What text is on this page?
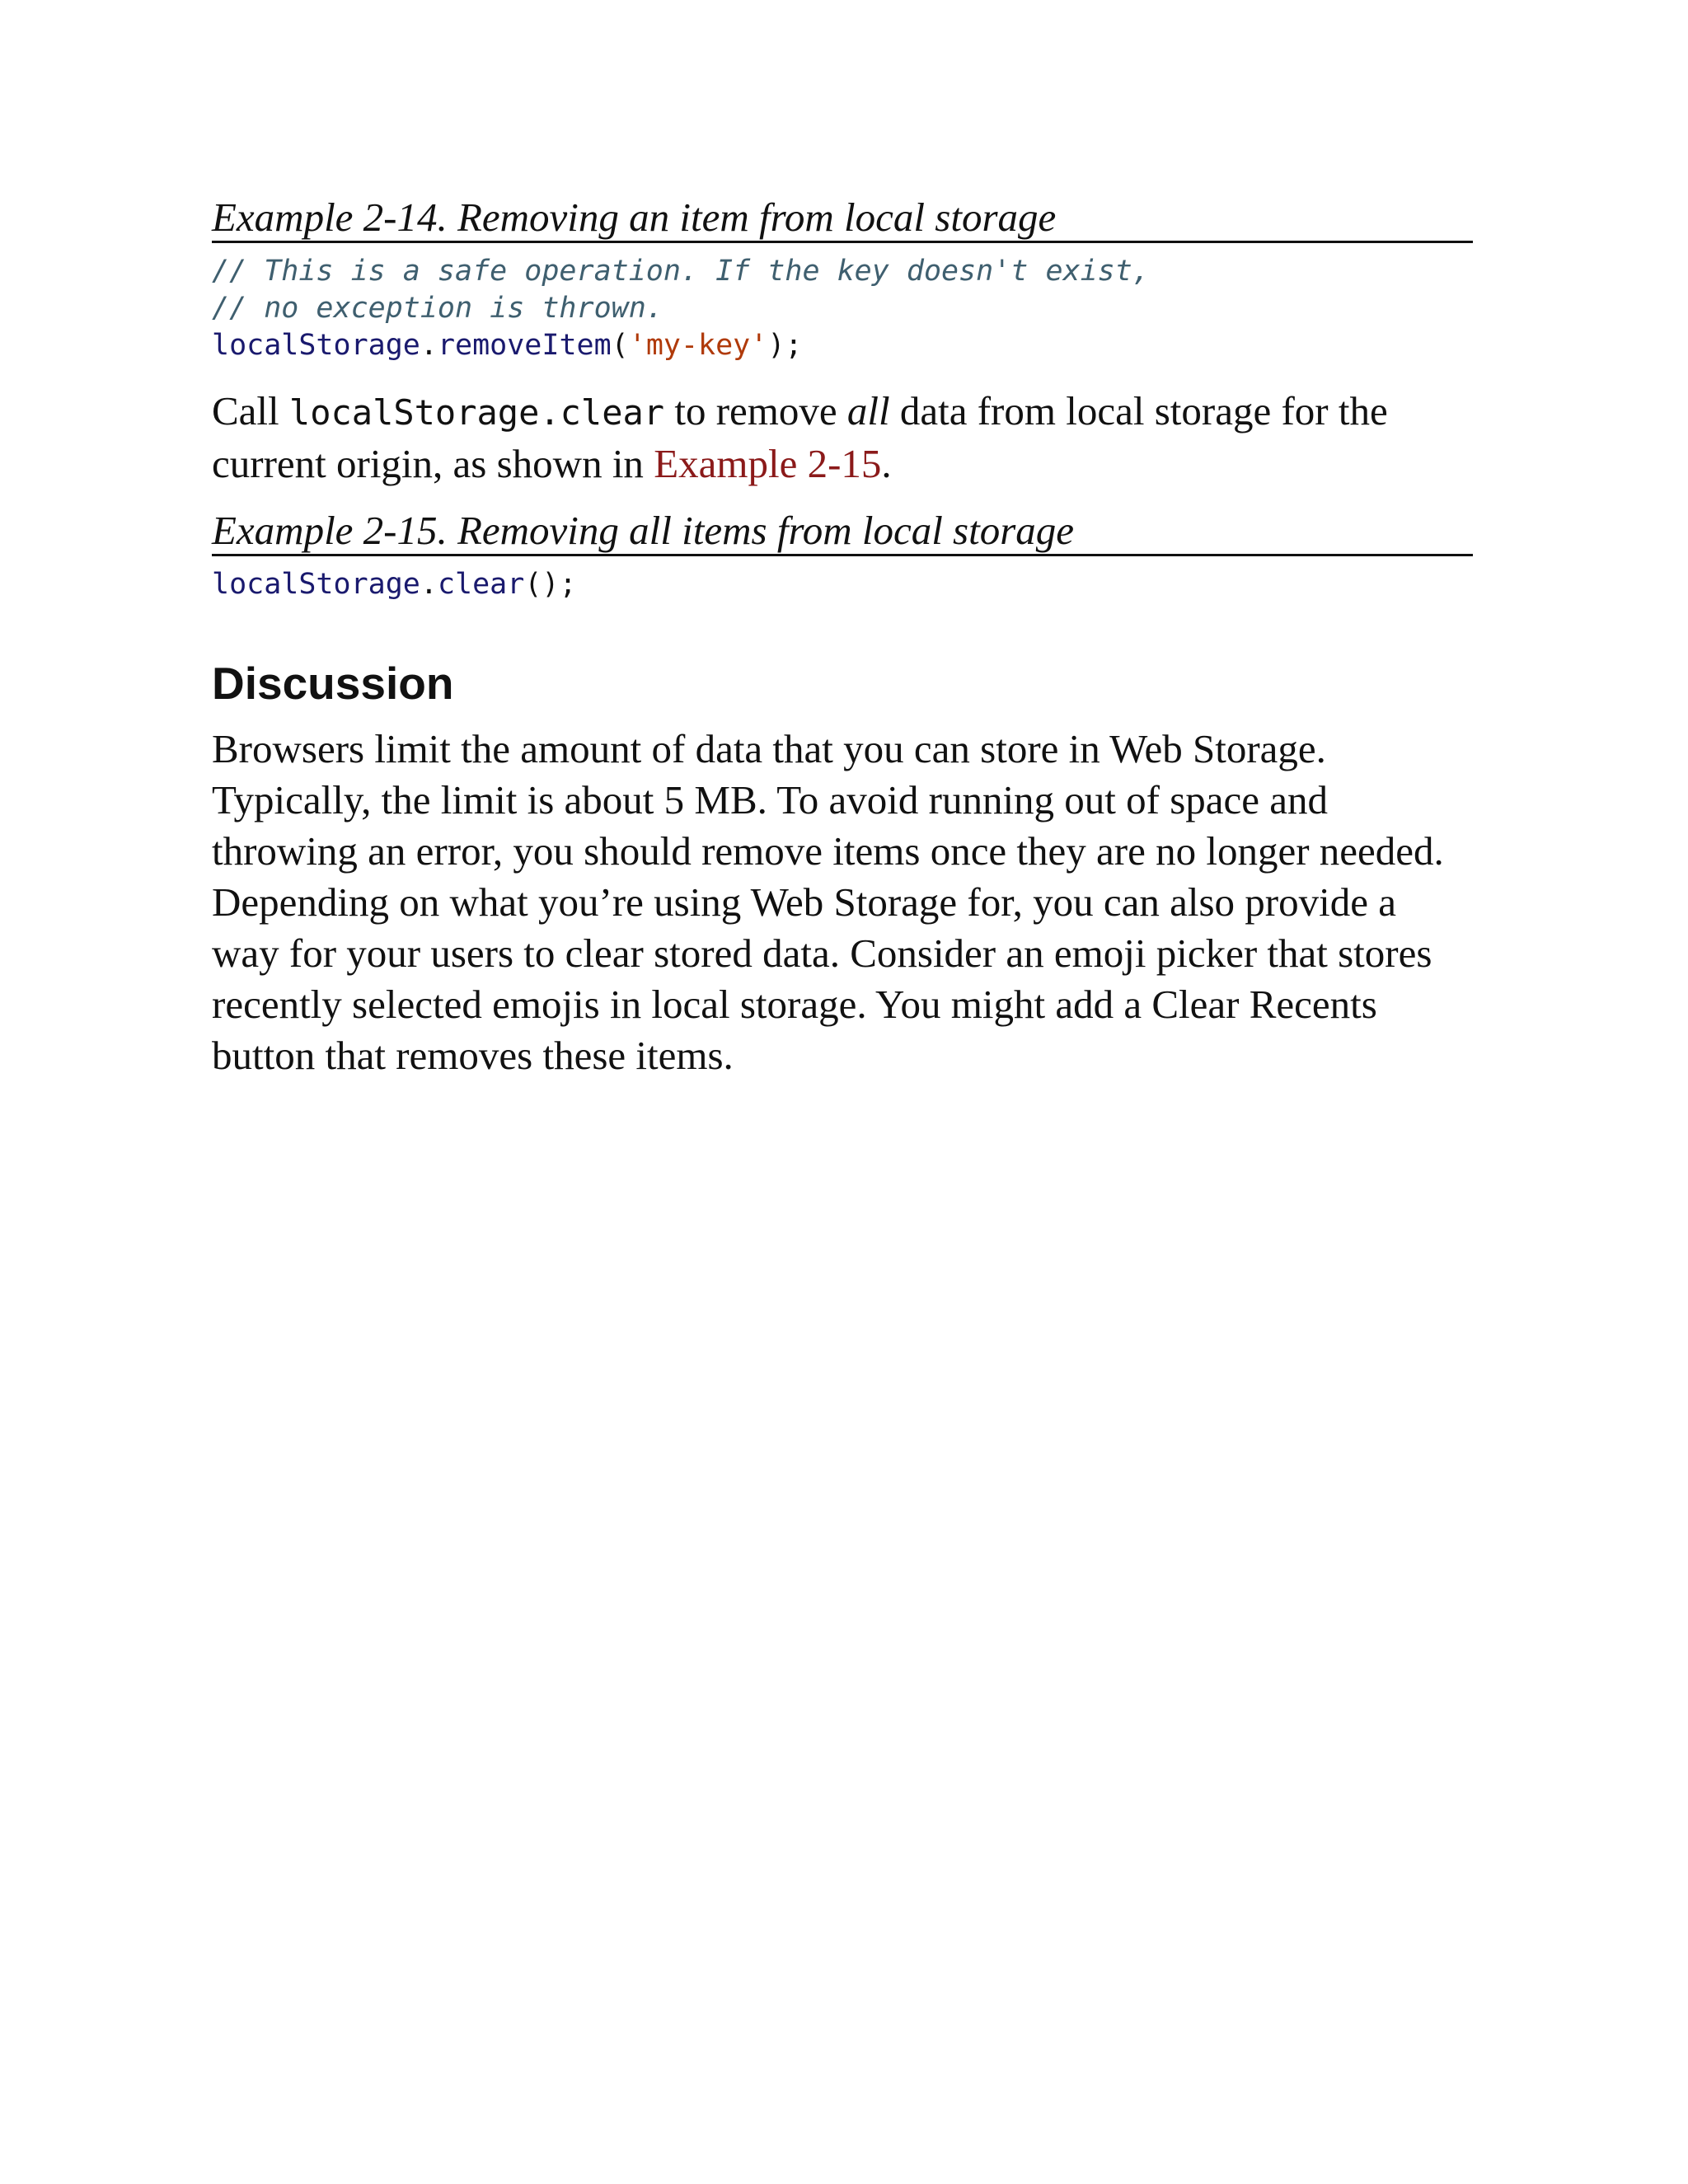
Example 2-14. Removing an item from local storage
// This is a safe operation. If the key doesn't exist,
// no exception is thrown.
localStorage.removeItem('my-key');

Call localStorage.clear to remove all data from local storage for the current origin, as shown in Example 2-15.

Example 2-15. Removing all items from local storage
localStorage.clear();
Discussion

Browsers limit the amount of data that you can store in Web Storage. Typically, the limit is about 5 MB. To avoid running out of space and throwing an error, you should remove items once they are no longer needed. Depending on what you’re using Web Storage for, you can also provide a way for your users to clear stored data. Consider an emoji picker that stores recently selected emojis in local storage. You might add a Clear Recents button that removes these items.
